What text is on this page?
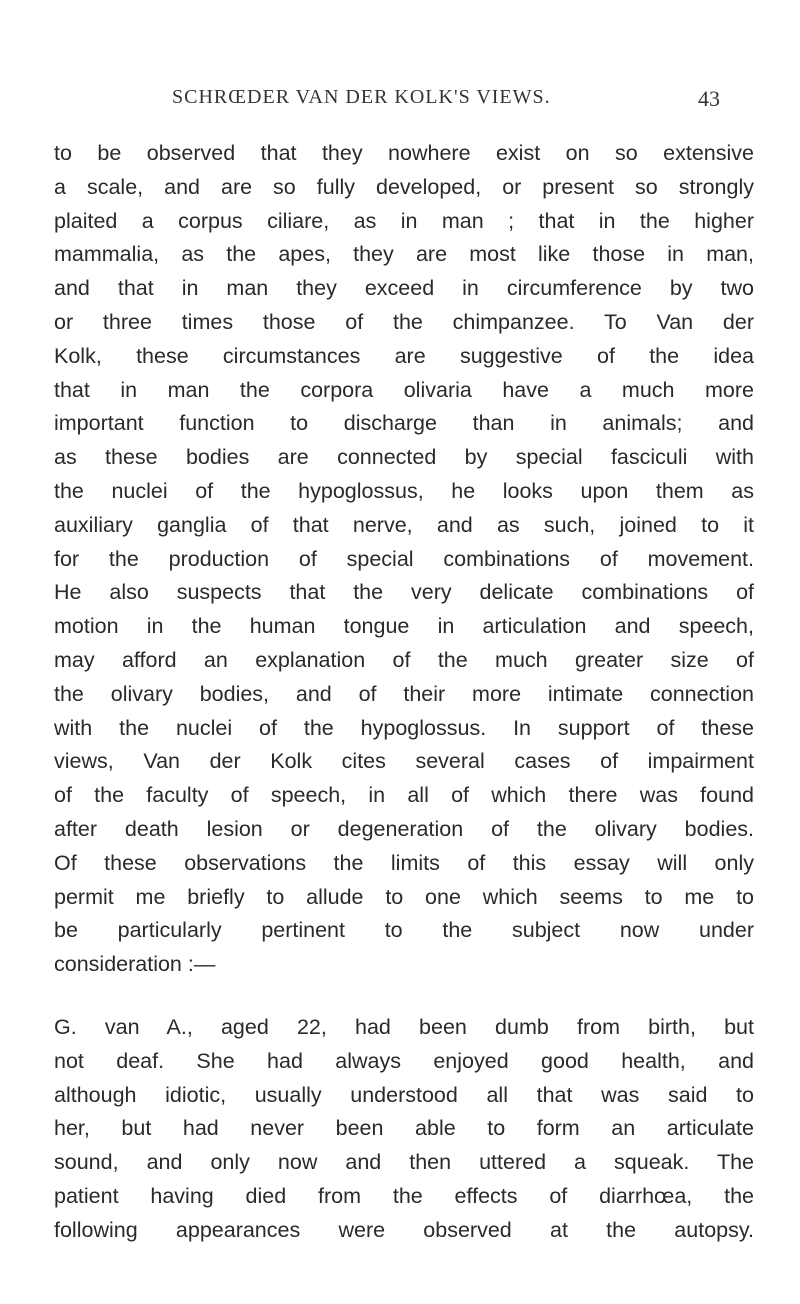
SCHRŒDER VAN DER KOLK'S VIEWS.	43
to be observed that they nowhere exist on so extensive
a scale, and are so fully developed, or present so strongly
plaited a corpus ciliare, as in man ; that in the higher
mammalia, as the apes, they are most like those in man,
and that in man they exceed in circumference by two
or three times those of the chimpanzee. To Van der
Kolk, these circumstances are suggestive of the idea
that in man the corpora olivaria have a much more
important function to discharge than in animals; and
as these bodies are connected by special fasciculi with
the nuclei of the hypoglossus, he looks upon them as
auxiliary ganglia of that nerve, and as such, joined to it
for the production of special combinations of movement.
He also suspects that the very delicate combinations of
motion in the human tongue in articulation and speech,
may afford an explanation of the much greater size of
the olivary bodies, and of their more intimate connection
with the nuclei of the hypoglossus. In support of these
views, Van der Kolk cites several cases of impairment
of the faculty of speech, in all of which there was found
after death lesion or degeneration of the olivary bodies.
Of these observations the limits of this essay will only
permit me briefly to allude to one which seems to me to
be particularly pertinent to the subject now under
consideration :—
G. van A., aged 22, had been dumb from birth, but
not deaf. She had always enjoyed good health, and
although idiotic, usually understood all that was said to
her, but had never been able to form an articulate
sound, and only now and then uttered a squeak. The
patient having died from the effects of diarrhœa, the
following appearances were observed at the autopsy.
